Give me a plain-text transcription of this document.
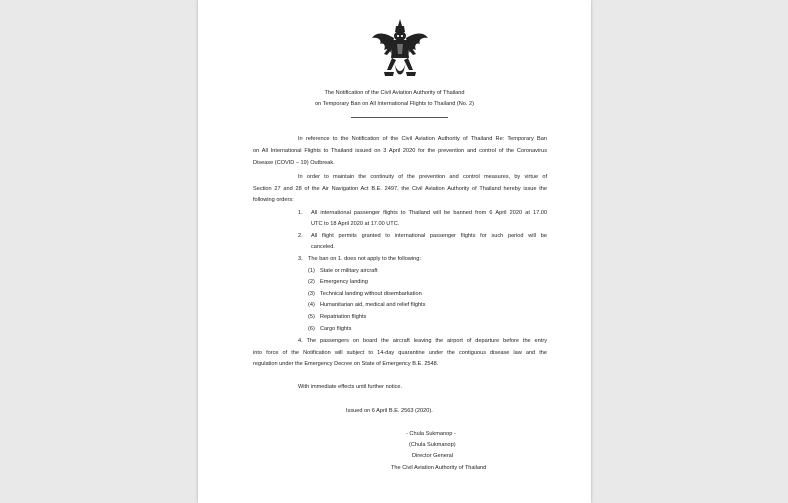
The Notification of the Civil Aviation Authority of Thailand
on Temporary Ban on All International Flights to Thailand (No. 2)
In reference to the Notification of the Civil Aviation Authority of Thailand Re: Temporary Ban
on All International Flights to Thailand issued on 3 April 2020 for the prevention and control of the Coronavirus
Disease (COVID – 19) Outbreak.
In order to maintain the continuity of the prevention and control measures, by virtue of
Section 27 and 28 of the Air Navigation Act B.E. 2497, the Civil Aviation Authority of Thailand hereby issue the
following orders:
1. All international passenger flights to Thailand will be banned from 6 April 2020 at 17.00
UTC to 18 April 2020 at 17.00 UTC.
2. All flight permits granted to international passenger flights for such period will be
canceled.
3. The ban on 1. does not apply to the following:
(1) State or military aircraft
(2) Emergency landing
(3) Technical landing without disembarkation
(4) Humanitarian aid, medical and relief flights
(5) Repatriation flights
(6) Cargo flights
4. The passengers on board the aircraft leaving the airport of departure before the entry
into force of the Notification will subject to 14-day quarantine under the contiguous disease law and the
regulation under the Emergency Decree on State of Emergency B.E. 2548.
With immediate effects until further notice.
Issued on 6 April B.E. 2563 (2020).
- Chula Sukmanop -
(Chula Sukmanop)
Director General
The Civil Aviation Authority of Thailand
